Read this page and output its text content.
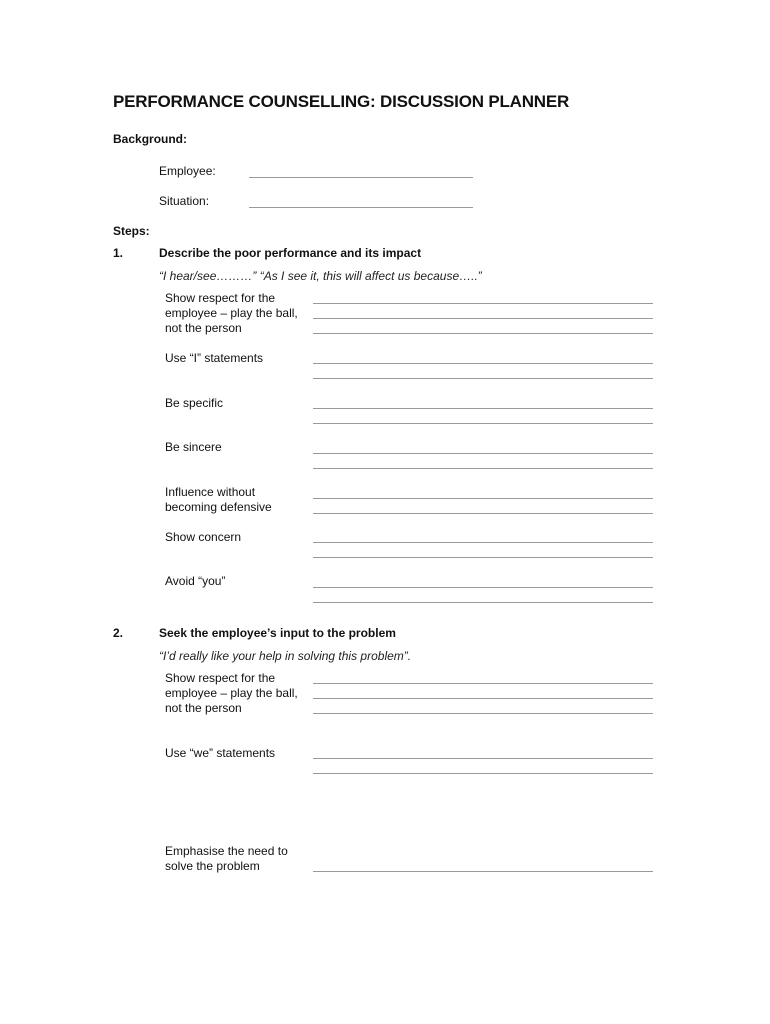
PERFORMANCE COUNSELLING: DISCUSSION PLANNER
Background:
Employee:
Situation:
Steps:
1.	Describe the poor performance and its impact
“I hear/see………” “As I see it, this will affect us because…..”
Show respect for the employee – play the ball, not the person
Use “I” statements
Be specific
Be sincere
Influence without becoming defensive
Show concern
Avoid “you”
2.	Seek the employee’s input to the problem
“I’d really like your help in solving this problem”.
Show respect for the employee – play the ball, not the person
Use “we” statements
Emphasise the need to solve the problem
